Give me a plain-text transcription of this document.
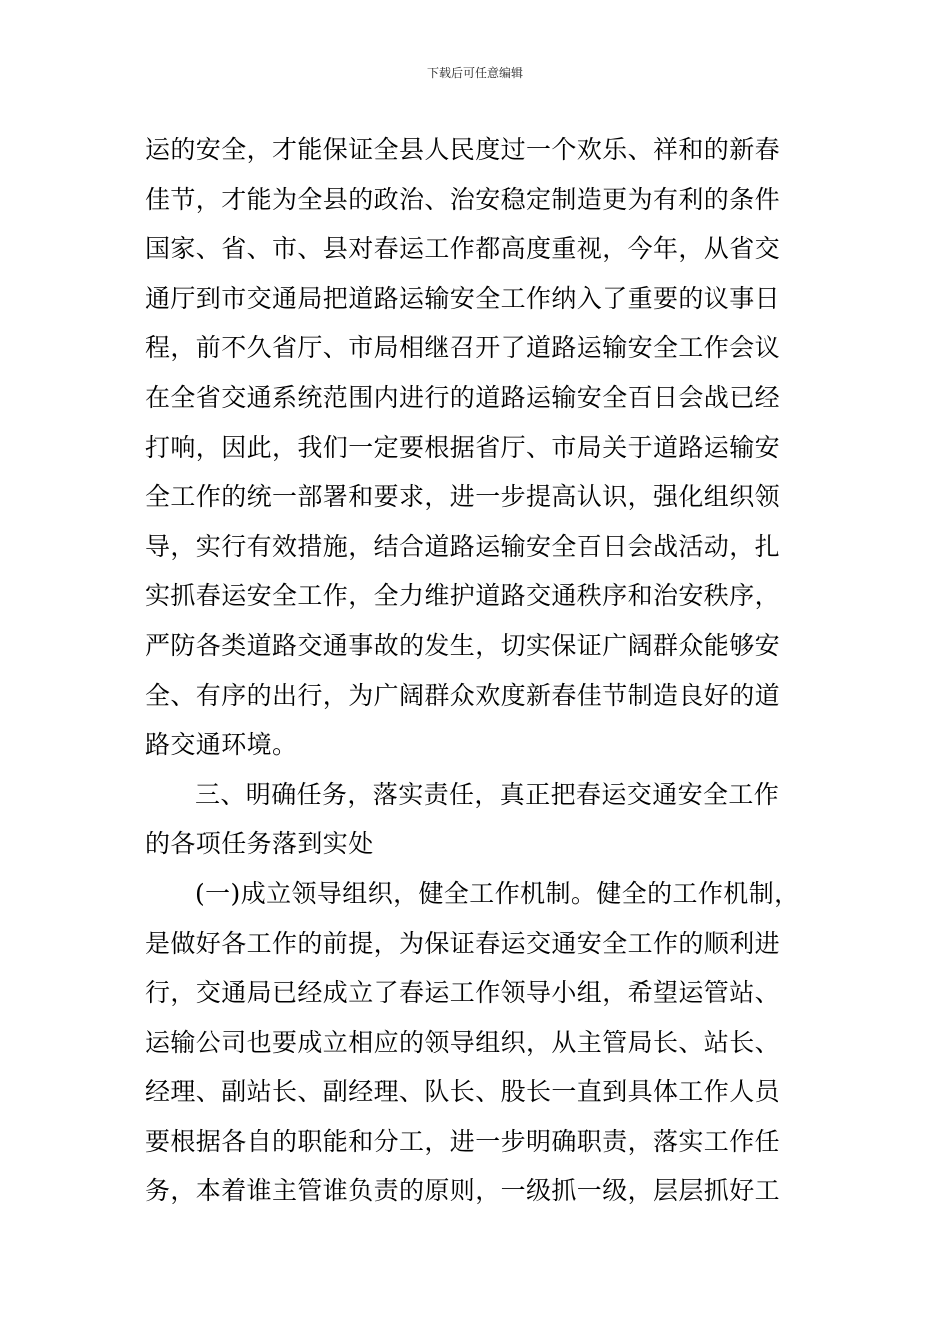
下载后可任意编辑
运的安全，才能保证全县人民度过一个欢乐、祥和的新春
佳节，才能为全县的政治、治安稳定制造更为有利的条件
国家、省、市、县对春运工作都高度重视，今年，从省交
通厅到市交通局把道路运输安全工作纳入了重要的议事日
程，前不久省厅、市局相继召开了道路运输安全工作会议
在全省交通系统范围内进行的道路运输安全百日会战已经
打响，因此，我们一定要根据省厅、市局关于道路运输安
全工作的统一部署和要求，进一步提高认识，强化组织领
导，实行有效措施，结合道路运输安全百日会战活动，扎
实抓春运安全工作，全力维护道路交通秩序和治安秩序，
严防各类道路交通事故的发生，切实保证广阔群众能够安
全、有序的出行，为广阔群众欢度新春佳节制造良好的道
路交通环境。
三、明确任务，落实责任，真正把春运交通安全工作
的各项任务落到实处
(一)成立领导组织，健全工作机制。健全的工作机制，
是做好各工作的前提，为保证春运交通安全工作的顺利进
行，交通局已经成立了春运工作领导小组，希望运管站、
运输公司也要成立相应的领导组织，从主管局长、站长、
经理、副站长、副经理、队长、股长一直到具体工作人员
要根据各自的职能和分工，进一步明确职责，落实工作任
务，本着谁主管谁负责的原则，一级抓一级，层层抓好工
